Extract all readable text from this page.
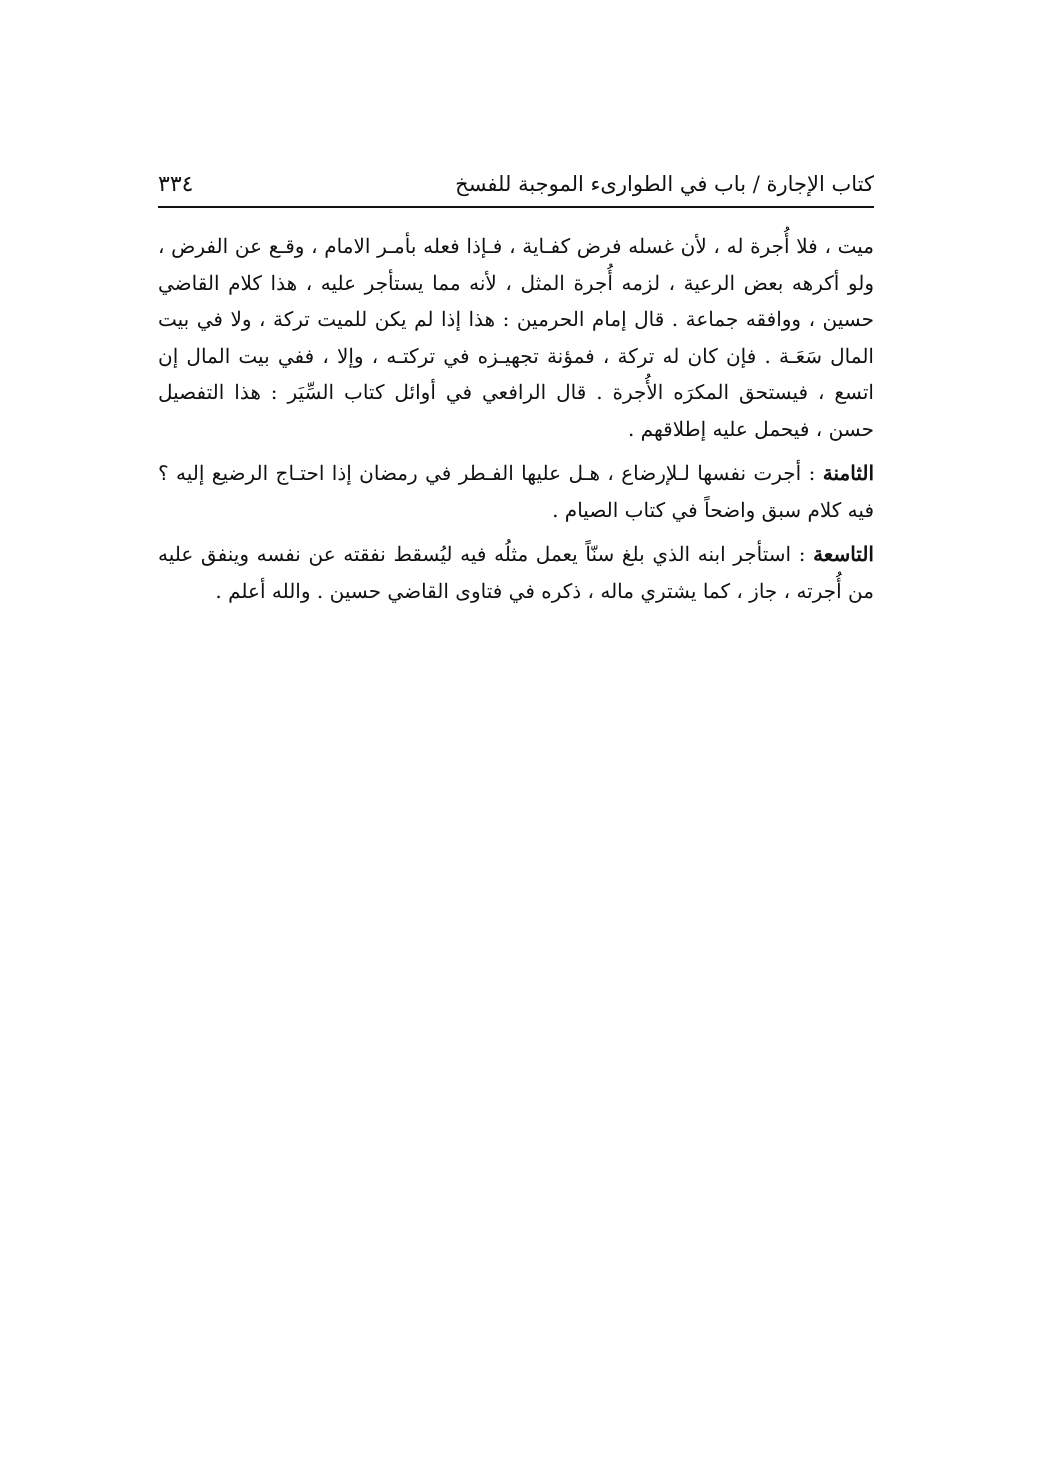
كتاب الإجارة / باب في الطوارىء الموجبة للفسخ
٣٣٤

ميت ، فلا أُجرة له ، لأن غسله فرض كفـاية ، فـإذا فعله بأمـر الامام ، وقـع عن الفرض ، ولو أكرهه بعض الرعية ، لزمه أُجرة المثل ، لأنه مما يستأجر عليه ، هذا كلام القاضي حسين ، ووافقه جماعة . قال إمام الحرمين : هذا إذا لم يكن للميت تركة ، ولا في بيت المال سَعَـة . فإن كان له تركة ، فمؤنة تجهيـزه في تركتـه ، وإلا ، ففي بيت المال إن اتسع ، فيستحق المكرَه الأُجرة . قال الرافعي في أوائل كتاب السِّيَر : هذا التفصيل حسن ، فيحمل عليه إطلاقهم .

الثامنة : أجرت نفسها لـلإرضاع ، هـل عليها الفـطر في رمضان إذا احتـاج الرضيع إليه ؟ فيه كلام سبق واضحاً في كتاب الصيام .

التاسعة : استأجر ابنه الذي بلغ سنّاً يعمل مثلُه فيه ليُسقط نفقته عن نفسه وينفق عليه من أُجرته ، جاز ، كما يشتري ماله ، ذكره في فتاوى القاضي حسين . والله أعلم .
